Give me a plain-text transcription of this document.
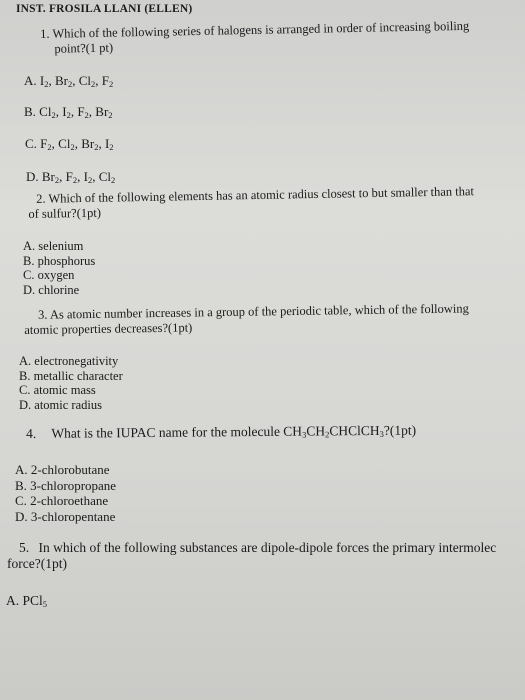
INST. FROSILA LLANI (ELLEN)
1. Which of the following series of halogens is arranged in order of increasing boiling
point?(1 pt)
A. $I_2$, $Br_2$, $Cl_2$, $F_2$
B. $Cl_2$, $I_2$, $F_2$, $Br_2$
C. $F_2$, $Cl_2$, $Br_2$, $I_2$
D. $Br_2$, $F_2$, $I_2$, $Cl_2$
2. Which of the following elements has an atomic radius closest to but smaller than that
of sulfur?(1pt)
A. selenium
B. phosphorus
C. oxygen
D. chlorine
3. As atomic number increases in a group of the periodic table, which of the following
atomic properties decreases?(1pt)
A. electronegativity
B. metallic character
C. atomic mass
D. atomic radius
4. What is the IUPAC name for the molecule $CH_3CH_2CHClCH_3?(1pt)$
A. 2-chlorobutane
B. 3-chloropropane
C. 2-chloroethane
D. 3-chloropentane
5. In which of the following substances are dipole-dipole forces the primary intermolec
force?(1pt)
A. PCl$_5$
